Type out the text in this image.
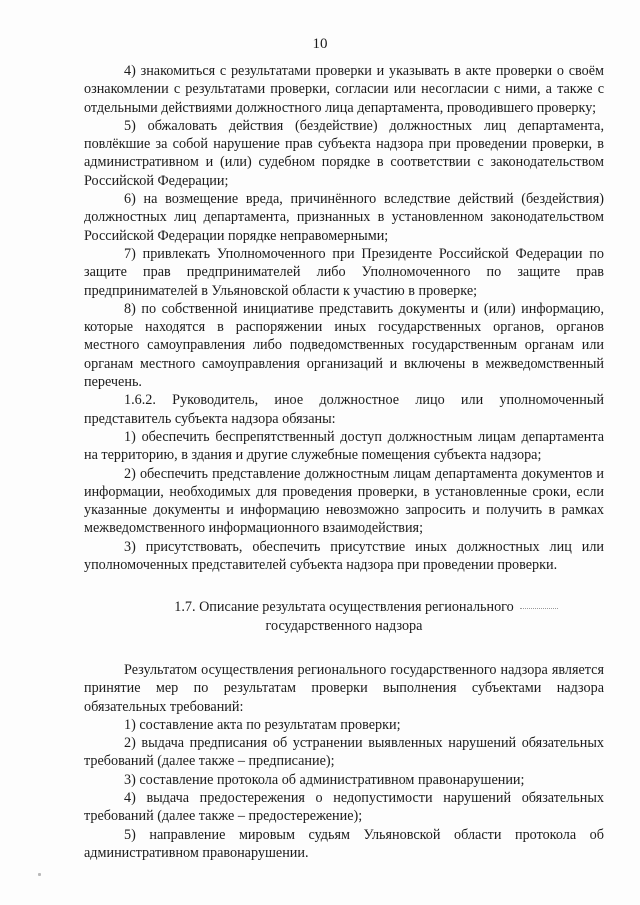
10

4) знакомиться с результатами проверки и указывать в акте проверки о своём ознакомлении с результатами проверки, согласии или несогласии с ними, а также с отдельными действиями должностного лица департамента, проводившего проверку;

5) обжаловать действия (бездействие) должностных лиц департамента, повлёкшие за собой нарушение прав субъекта надзора при проведении проверки, в административном и (или) судебном порядке в соответствии с законодательством Российской Федерации;

6) на возмещение вреда, причинённого вследствие действий (бездействия) должностных лиц департамента, признанных в установленном законодательством Российской Федерации порядке неправомерными;

7) привлекать Уполномоченного при Президенте Российской Федерации по защите прав предпринимателей либо Уполномоченного по защите прав предпринимателей в Ульяновской области к участию в проверке;

8) по собственной инициативе представить документы и (или) информацию, которые находятся в распоряжении иных государственных органов, органов местного самоуправления либо подведомственных государственным органам или органам местного самоуправления организаций и включены в межведомственный перечень.

1.6.2. Руководитель, иное должностное лицо или уполномоченный представитель субъекта надзора обязаны:

1) обеспечить беспрепятственный доступ должностным лицам департамента на территорию, в здания и другие служебные помещения субъекта надзора;

2) обеспечить представление должностным лицам департамента документов и информации, необходимых для проведения проверки, в установленные сроки, если указанные документы и информацию невозможно запросить и получить в рамках межведомственного информационного взаимодействия;

3) присутствовать, обеспечить присутствие иных должностных лиц или уполномоченных представителей субъекта надзора при проведении проверки.

1.7. Описание результата осуществления регионального
государственного надзора

Результатом осуществления регионального государственного надзора является принятие мер по результатам проверки выполнения субъектами надзора обязательных требований:

1) составление акта по результатам проверки;

2) выдача предписания об устранении выявленных нарушений обязательных требований (далее также – предписание);

3) составление протокола об административном правонарушении;

4) выдача предостережения о недопустимости нарушений обязательных требований (далее также – предостережение);

5) направление мировым судьям Ульяновской области протокола об административном правонарушении.
